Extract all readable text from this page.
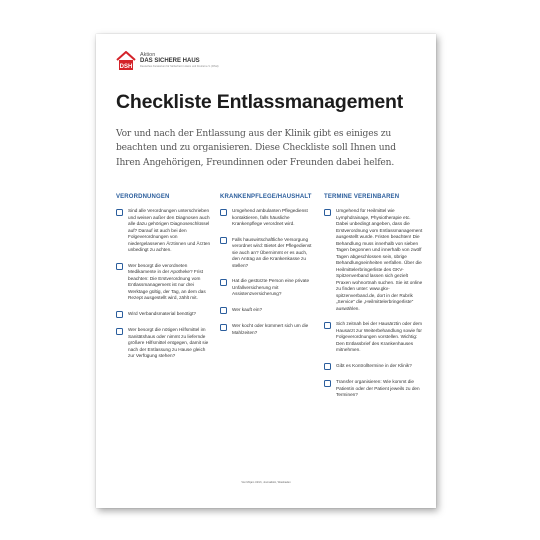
DSH
Aktion
DAS SICHERE HAUS
Deutsches Kuratorium für Sicherheit in Heim und Freizeit e.V. (DSH)
Checkliste Entlassmanagement

Vor und nach der Entlassung aus der Klinik gibt es einiges zu beachten und zu organisieren. Diese Checkliste soll Ihnen und Ihren Angehörigen, Freundinnen oder Freunden dabei helfen.

VERORDNUNGEN
Sind alle Verordnungen unterschrieben und weisen außer den Diagnosen auch alle dazu gehörigen Diagnoseschlüssel auf? Darauf ist auch bei den Folgeverordnungen von niedergelassenen Ärztinnen und Ärzten unbedingt zu achten.
Wer besorgt die verordneten Medikamente in der Apotheke? Frist beachten: Die Erstverordnung vom Entlassmanagement ist nur drei Werktage gültig, der Tag, an dem das Rezept ausgestellt wird, zählt mit.
Wird Verbandsmaterial benötigt?
Wer besorgt die nötigen Hilfsmittel im Sanitätshaus oder nimmt zu liefernde größere Hilfsmittel entgegen, damit sie nach der Entlassung zu Hause gleich zur Verfügung stehen?
KRANKENPFLEGE/HAUSHALT
Umgehend ambulanten Pflegedienst kontaktieren, falls häusliche Krankenpflege verordnet wird.
Falls hauswirtschaftliche Versorgung verordnet wird: Bietet der Pflegedienst sie auch an? Übernimmt er es auch, den Antrag an die Krankenkasse zu stellen?
Hat die gestürzte Person eine private Unfallversicherung mit Assistenzversicherung?
Wer kauft ein?
Wer kocht oder kümmert sich um die Mahlzeiten?
TERMINE VEREINBAREN
Umgehend für Heilmittel wie Lymphdrainage, Physiotherapie etc. Dabei unbedingt angeben, dass die Erstverordnung vom Entlassmanagement ausgestellt wurde. Fristen beachten! Die Behandlung muss innerhalb von sieben Tagen begonnen und innerhalb von zwölf Tagen abgeschlossen sein, übrige Behandlungseinheiten verfallen. Über die Heilmittelerbringerliste des GKV-Spitzenverband lassen sich gezielt Praxen wohnortnah suchen. Sie ist online zu finden unter: www.gkv-spitzenverband.de, dort in der Rubrik „Service" die „Heilmittelerbringerliste" auswählen.
Sich zeitnah bei der Hausärztin oder dem Hausarzt zur Weiterbehandlung sowie für Folgeverordnungen vorstellen. Wichtig: Den Entlassbrief des Krankenhauses mitnehmen.
Gibt es Kontrolltermine in der Klinik?
Transfer organisieren: Wie kommt die Patientin oder der Patient jeweils zu den Terminen?

Von Mirjam Ulrich, Journalistin, Wiesbaden
